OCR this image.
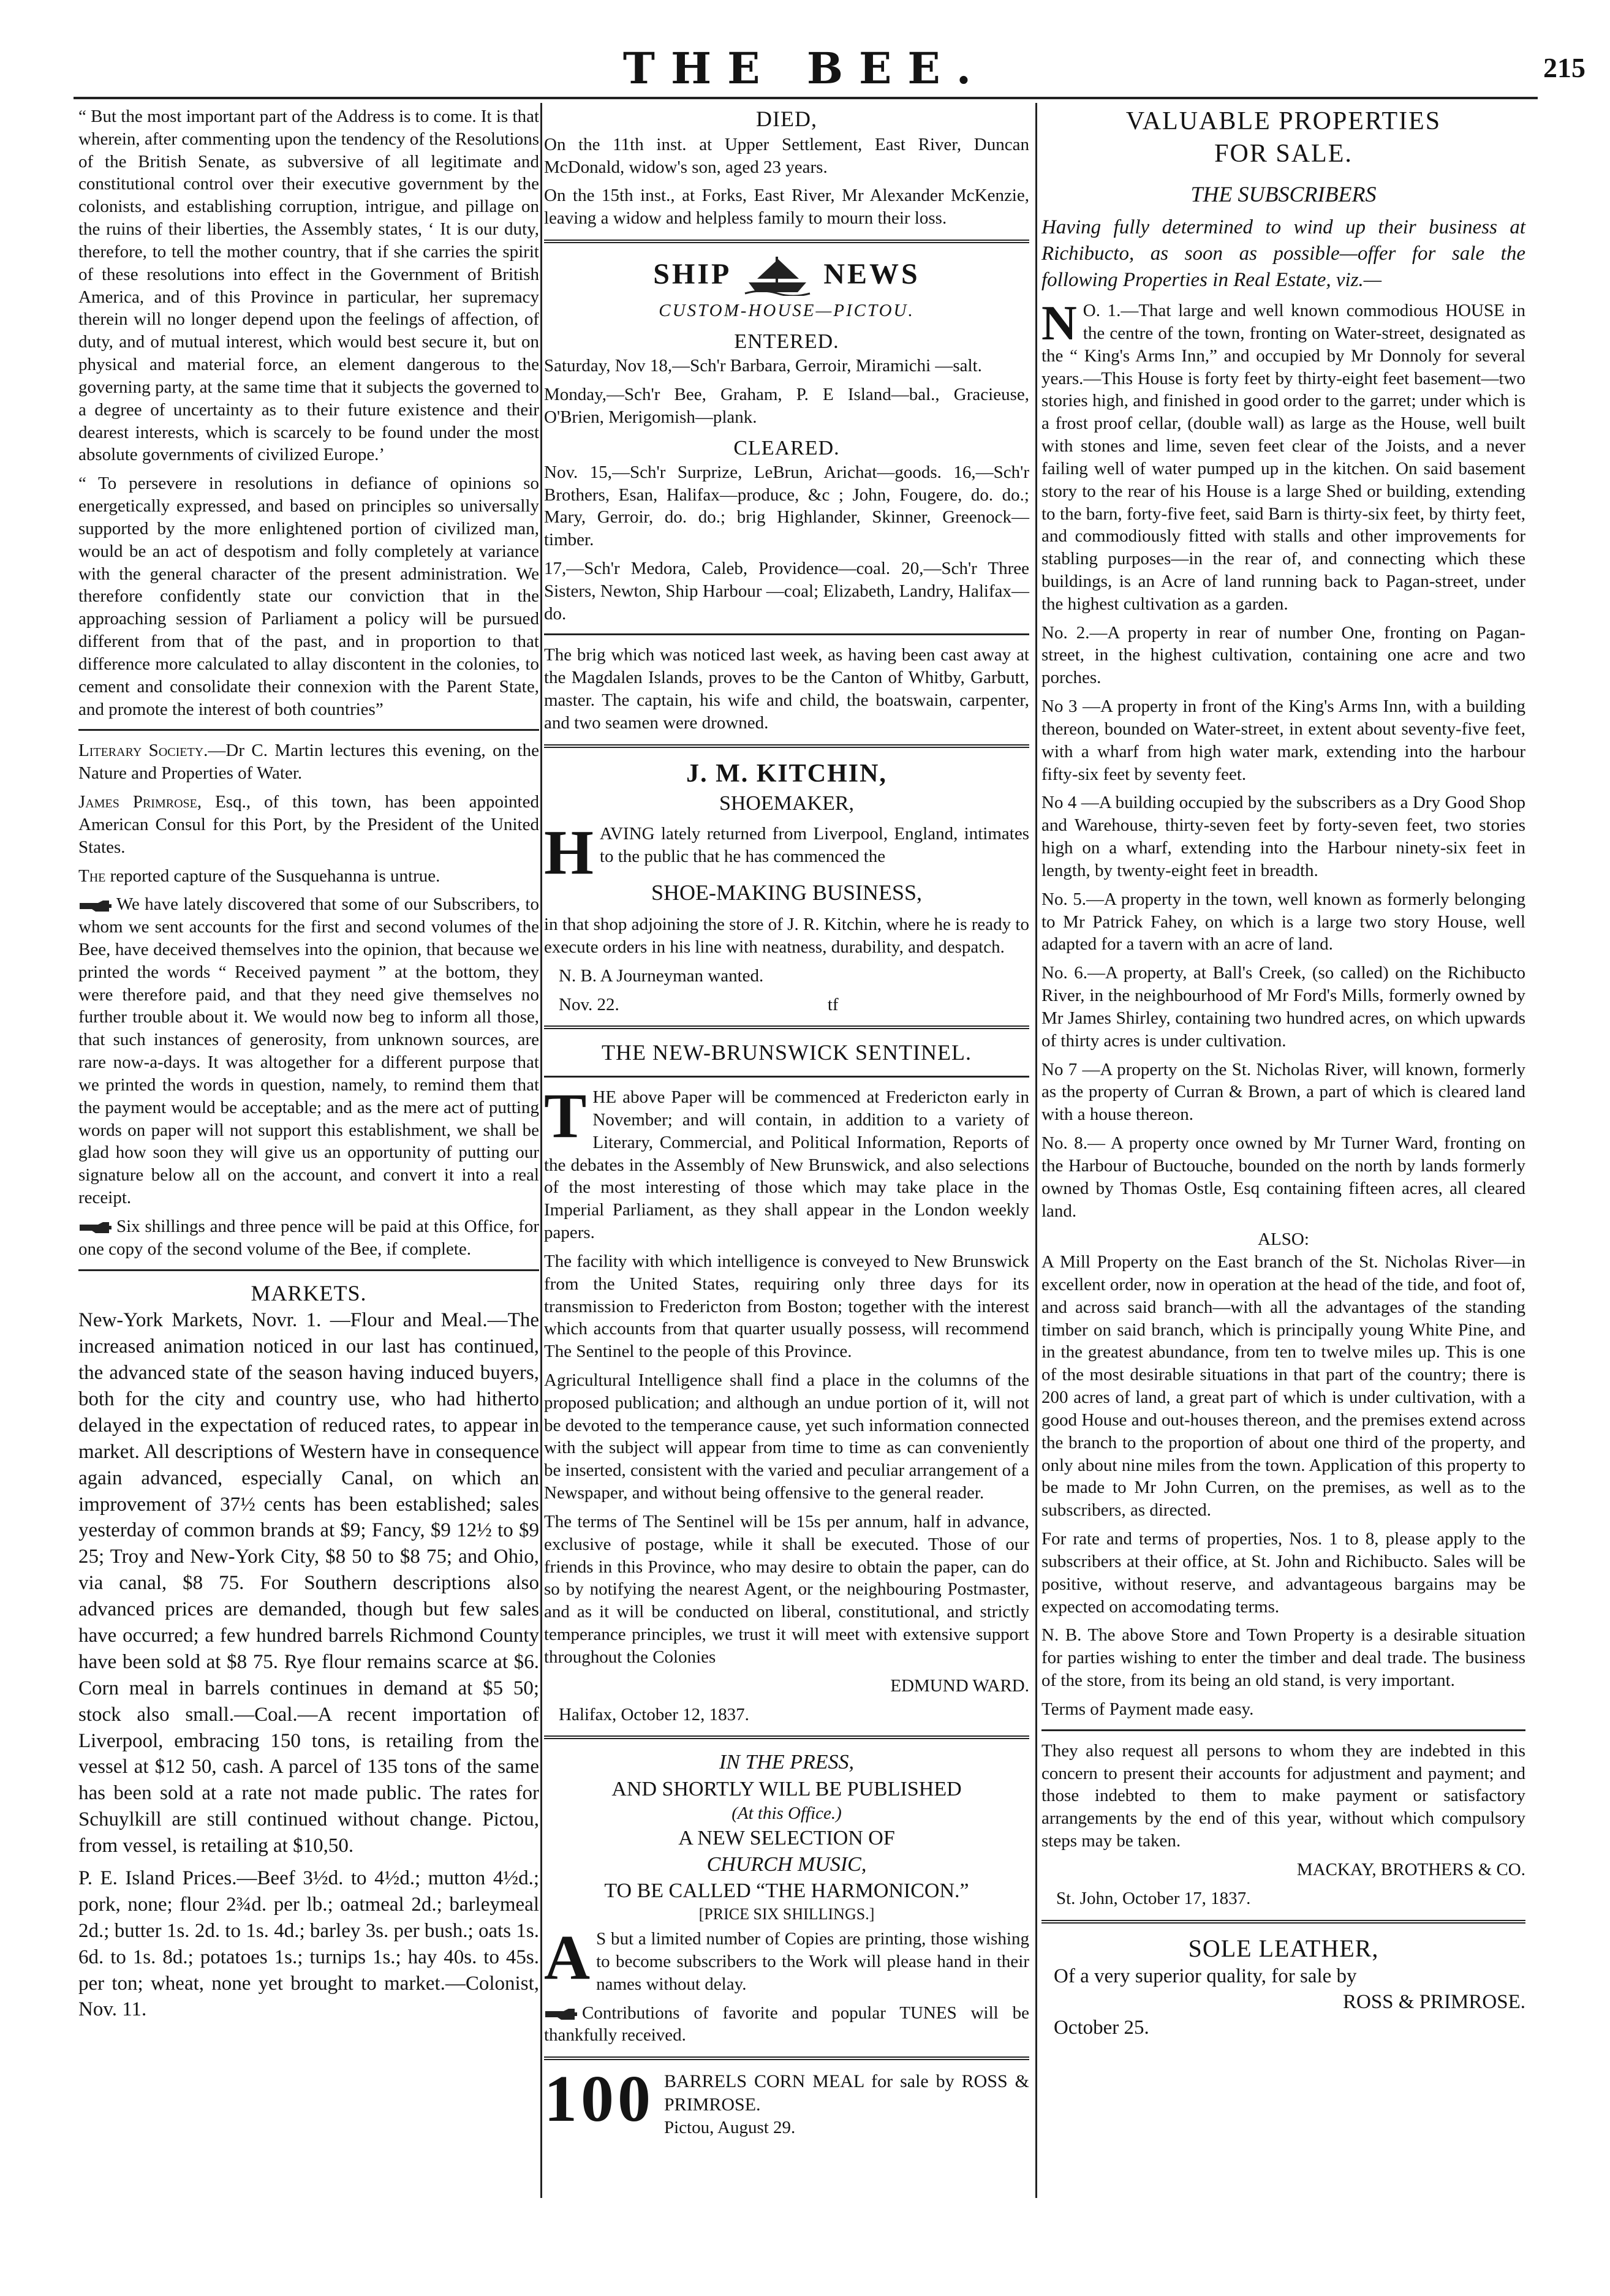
THE BEE.	215

“ But the most important part of the Address is to come. It is that wherein, after commenting upon the tendency of the Resolutions of the British Senate, as subversive of all legitimate and constitutional control over their executive government by the colonists, and establishing corruption, intrigue, and pillage on the ruins of their liberties, the Assembly states, ‘ It is our duty, therefore, to tell the mother country, that if she carries the spirit of these resolutions into effect in the Government of British America, and of this Province in particular, her supremacy therein will no longer depend upon the feelings of affection, of duty, and of mutual interest, which would best secure it, but on physical and material force, an element dangerous to the governing party, at the same time that it subjects the governed to a degree of uncertainty as to their future existence and their dearest interests, which is scarcely to be found under the most absolute governments of civilized Europe.’

“ To persevere in resolutions in defiance of opinions so energetically expressed, and based on principles so universally supported by the more enlightened portion of civilized man, would be an act of despotism and folly completely at variance with the general character of the present administration. We therefore confidently state our conviction that in the approaching session of Parliament a policy will be pursued different from that of the past, and in proportion to that difference more calculated to allay discontent in the colonies, to cement and consolidate their connexion with the Parent State, and promote the interest of both countries”

Literary Society.—Dr C. Martin lectures this evening, on the Nature and Properties of Water.

James Primrose, Esq., of this town, has been appointed American Consul for this Port, by the President of the United States.

The reported capture of the Susquehanna is untrue.

We have lately discovered that some of our Subscribers, to whom we sent accounts for the first and second volumes of the Bee, have deceived themselves into the opinion, that because we printed the words “ Received payment ” at the bottom, they were therefore paid, and that they need give themselves no further trouble about it. We would now beg to inform all those, that such instances of generosity, from unknown sources, are rare now-a-days. It was altogether for a different purpose that we printed the words in question, namely, to remind them that the payment would be acceptable; and as the mere act of putting words on paper will not support this establishment, we shall be glad how soon they will give us an opportunity of putting our signature below all on the account, and convert it into a real receipt.

Six shillings and three pence will be paid at this Office, for one copy of the second volume of the Bee, if complete.

MARKETS.

New-York Markets, Novr. 1. —Flour and Meal.—The increased animation noticed in our last has continued, the advanced state of the season having induced buyers, both for the city and country use, who had hitherto delayed in the expectation of reduced rates, to appear in market. All descriptions of Western have in consequence again advanced, especially Canal, on which an improvement of 37½ cents has been established; sales yesterday of common brands at $9; Fancy, $9 12½ to $9 25; Troy and New-York City, $8 50 to $8 75; and Ohio, via canal, $8 75. For Southern descriptions also advanced prices are demanded, though but few sales have occurred; a few hundred barrels Richmond County have been sold at $8 75. Rye flour remains scarce at $6. Corn meal in barrels continues in demand at $5 50; stock also small.—Coal.—A recent importation of Liverpool, embracing 150 tons, is retailing from the vessel at $12 50, cash. A parcel of 135 tons of the same has been sold at a rate not made public. The rates for Schuylkill are still continued without change. Pictou, from vessel, is retailing at $10,50.

P. E. Island Prices.—Beef 3½d. to 4½d.; mutton 4½d.; pork, none; flour 2¾d. per lb.; oatmeal 2d.; barleymeal 2d.; butter 1s. 2d. to 1s. 4d.; barley 3s. per bush.; oats 1s. 6d. to 1s. 8d.; potatoes 1s.; turnips 1s.; hay 40s. to 45s. per ton; wheat, none yet brought to market.—Colonist, Nov. 11.

DIED,

On the 11th inst. at Upper Settlement, East River, Duncan McDonald, widow's son, aged 23 years.

On the 15th inst., at Forks, East River, Mr Alexander McKenzie, leaving a widow and helpless family to mourn their loss.

SHIP	NEWS

CUSTOM-HOUSE—PICTOU.

ENTERED.

Saturday, Nov 18,—Sch'r Barbara, Gerroir, Miramichi —salt.

Monday,—Sch'r Bee, Graham, P. E Island—bal., Gracieuse, O'Brien, Merigomish—plank.

CLEARED.

Nov. 15,—Sch'r Surprize, LeBrun, Arichat—goods. 16,—Sch'r Brothers, Esan, Halifax—produce, &c ; John, Fougere, do. do.; Mary, Gerroir, do. do.; brig Highlander, Skinner, Greenock—timber.

17,—Sch'r Medora, Caleb, Providence—coal. 20,—Sch'r Three Sisters, Newton, Ship Harbour —coal; Elizabeth, Landry, Halifax—do.

The brig which was noticed last week, as having been cast away at the Magdalen Islands, proves to be the Canton of Whitby, Garbutt, master. The captain, his wife and child, the boatswain, carpenter, and two seamen were drowned.

J. M. KITCHIN,

SHOEMAKER,

HAVING lately returned from Liverpool, England, intimates to the public that he has commenced the

SHOE-MAKING BUSINESS,

in that shop adjoining the store of J. R. Kitchin, where he is ready to execute orders in his line with neatness, durability, and despatch.

N. B. A Journeyman wanted.

Nov. 22.	tf

THE NEW-BRUNSWICK SENTINEL.

THE above Paper will be commenced at Fredericton early in November; and will contain, in addition to a variety of Literary, Commercial, and Political Information, Reports of the debates in the Assembly of New Brunswick, and also selections of the most interesting of those which may take place in the Imperial Parliament, as they shall appear in the London weekly papers.

The facility with which intelligence is conveyed to New Brunswick from the United States, requiring only three days for its transmission to Fredericton from Boston; together with the interest which accounts from that quarter usually possess, will recommend The Sentinel to the people of this Province.

Agricultural Intelligence shall find a place in the columns of the proposed publication; and although an undue portion of it, will not be devoted to the temperance cause, yet such information connected with the subject will appear from time to time as can conveniently be inserted, consistent with the varied and peculiar arrangement of a Newspaper, and without being offensive to the general reader.

The terms of The Sentinel will be 15s per annum, half in advance, exclusive of postage, while it shall be executed. Those of our friends in this Province, who may desire to obtain the paper, can do so by notifying the nearest Agent, or the neighbouring Postmaster, and as it will be conducted on liberal, constitutional, and strictly temperance principles, we trust it will meet with extensive support throughout the Colonies

EDMUND WARD.

Halifax, October 12, 1837.

IN THE PRESS,

AND SHORTLY WILL BE PUBLISHED

(At this Office.)

A NEW SELECTION OF

CHURCH MUSIC,

TO BE CALLED “THE HARMONICON.”

[PRICE SIX SHILLINGS.]

A S but a limited number of Copies are printing, those wishing to become subscribers to the Work will please hand in their names without delay.

Contributions of favorite and popular TUNES will be thankfully received.

100 BARRELS CORN MEAL for sale by ROSS & PRIMROSE.

Pictou, August 29.

VALUABLE PROPERTIES
FOR SALE.

THE SUBSCRIBERS

Having fully determined to wind up their business at Richibucto, as soon as possible—offer for sale the following Properties in Real Estate, viz.—

N O. 1.—That large and well known commodious HOUSE in the centre of the town, fronting on Water-street, designated as the “ King's Arms Inn,” and occupied by Mr Donnoly for several years.—This House is forty feet by thirty-eight feet basement—two stories high, and finished in good order to the garret; under which is a frost proof cellar, (double wall) as large as the House, well built with stones and lime, seven feet clear of the Joists, and a never failing well of water pumped up in the kitchen. On said basement story to the rear of his House is a large Shed or building, extending to the barn, forty-five feet, said Barn is thirty-six feet, by thirty feet, and commodiously fitted with stalls and other improvements for stabling purposes—in the rear of, and connecting which these buildings, is an Acre of land running back to Pagan-street, under the highest cultivation as a garden.

No. 2.—A property in rear of number One, fronting on Pagan-street, in the highest cultivation, containing one acre and two porches.

No 3 —A property in front of the King's Arms Inn, with a building thereon, bounded on Water-street, in extent about seventy-five feet, with a wharf from high water mark, extending into the harbour fifty-six feet by seventy feet.

No 4 —A building occupied by the subscribers as a Dry Good Shop and Warehouse, thirty-seven feet by forty-seven feet, two stories high on a wharf, extending into the Harbour ninety-six feet in length, by twenty-eight feet in breadth.

No. 5.—A property in the town, well known as formerly belonging to Mr Patrick Fahey, on which is a large two story House, well adapted for a tavern with an acre of land.

No. 6.—A property, at Ball's Creek, (so called) on the Richibucto River, in the neighbourhood of Mr Ford's Mills, formerly owned by Mr James Shirley, containing two hundred acres, on which upwards of thirty acres is under cultivation.

No 7 —A property on the St. Nicholas River, will known, formerly as the property of Curran & Brown, a part of which is cleared land with a house thereon.

No. 8.— A property once owned by Mr Turner Ward, fronting on the Harbour of Buctouche, bounded on the north by lands formerly owned by Thomas Ostle, Esq containing fifteen acres, all cleared land.

ALSO:

A Mill Property on the East branch of the St. Nicholas River—in excellent order, now in operation at the head of the tide, and foot of, and across said branch—with all the advantages of the standing timber on said branch, which is principally young White Pine, and in the greatest abundance, from ten to twelve miles up. This is one of the most desirable situations in that part of the country; there is 200 acres of land, a great part of which is under cultivation, with a good House and out-houses thereon, and the premises extend across the branch to the proportion of about one third of the property, and only about nine miles from the town. Application of this property to be made to Mr John Curren, on the premises, as well as to the subscribers, as directed.

For rate and terms of properties, Nos. 1 to 8, please apply to the subscribers at their office, at St. John and Richibucto. Sales will be positive, without reserve, and advantageous bargains may be expected on accomodating terms.

N. B. The above Store and Town Property is a desirable situation for parties wishing to enter the timber and deal trade. The business of the store, from its being an old stand, is very important.

Terms of Payment made easy.

They also request all persons to whom they are indebted in this concern to present their accounts for adjustment and payment; and those indebted to them to make payment or satisfactory arrangements by the end of this year, without which compulsory steps may be taken.

MACKAY, BROTHERS & CO.

St. John, October 17, 1837.

SOLE LEATHER,

Of a very superior quality, for sale by

ROSS & PRIMROSE.

October 25.
